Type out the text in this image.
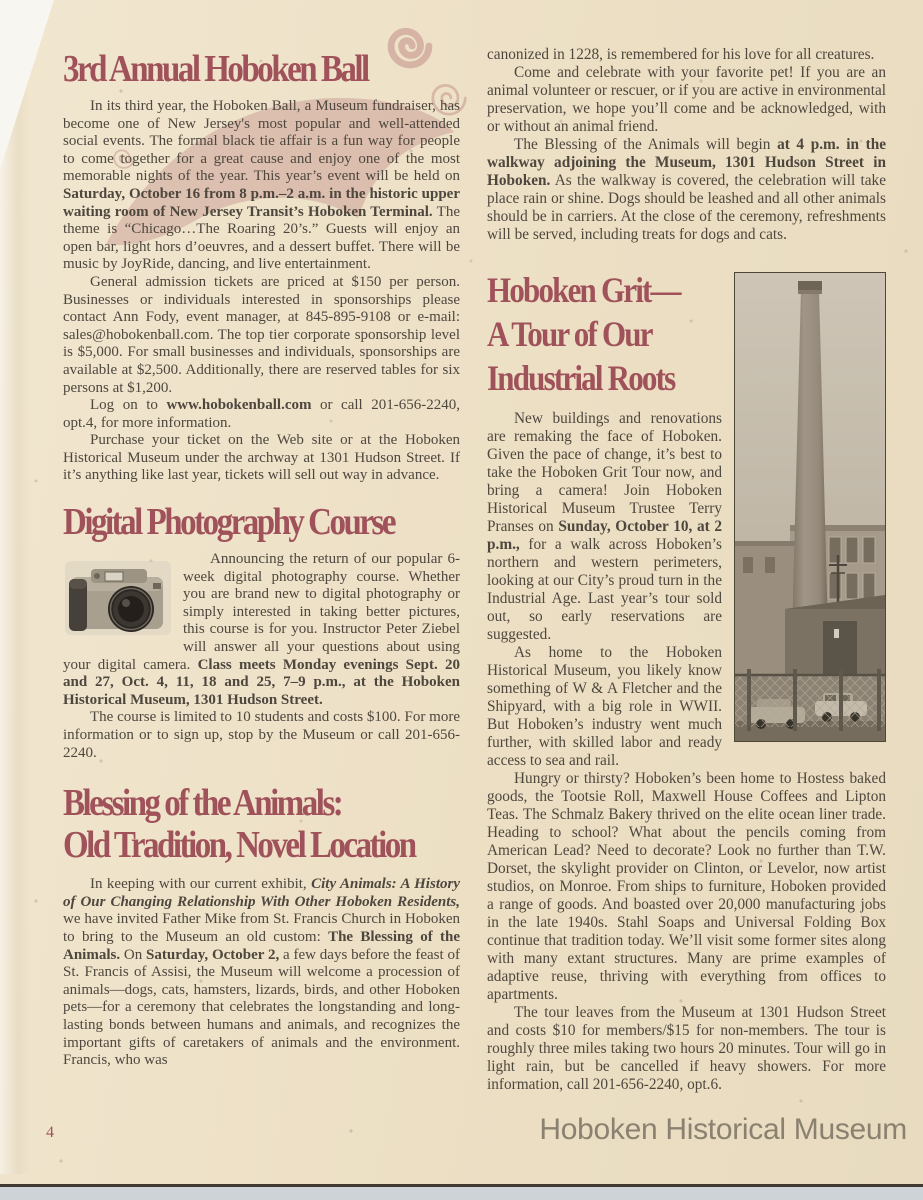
3rd Annual Hoboken Ball

In its third year, the Hoboken Ball, a Museum fundraiser, has become one of New Jersey's most popular and well-attended social events. The formal black tie affair is a fun way for people to come together for a great cause and enjoy one of the most memorable nights of the year. This year’s event will be held on Saturday, October 16 from 8 p.m.–2 a.m. in the historic upper waiting room of New Jersey Transit’s Hoboken Terminal. The theme is “Chicago…The Roaring 20’s.” Guests will enjoy an open bar, light hors d’oeuvres, and a dessert buffet. There will be music by JoyRide, dancing, and live entertainment.

General admission tickets are priced at $150 per person. Businesses or individuals interested in sponsorships please contact Ann Fody, event manager, at 845-895-9108 or e-mail: sales@hobokenball.com. The top tier corporate sponsorship level is $5,000. For small businesses and individuals, sponsorships are available at $2,500. Additionally, there are reserved tables for six persons at $1,200.

Log on to www.hobokenball.com or call 201-656-2240, opt.4, for more information.

Purchase your ticket on the Web site or at the Hoboken Historical Museum under the archway at 1301 Hudson Street. If it’s anything like last year, tickets will sell out way in advance.

Digital Photography Course

Announcing the return of our popular 6-week digital photography course. Whether you are brand new to digital photography or simply interested in taking better pictures, this course is for you. Instructor Peter Ziebel will answer all your questions about using your digital camera. Class meets Monday evenings Sept. 20 and 27, Oct. 4, 11, 18 and 25, 7–9 p.m., at the Hoboken Historical Museum, 1301 Hudson Street.

The course is limited to 10 students and costs $100. For more information or to sign up, stop by the Museum or call 201-656-2240.

Blessing of the Animals:
Old Tradition, Novel Location

In keeping with our current exhibit, City Animals: A History of Our Changing Relationship With Other Hoboken Residents, we have invited Father Mike from St. Francis Church in Hoboken to bring to the Museum an old custom: The Blessing of the Animals. On Saturday, October 2, a few days before the feast of St. Francis of Assisi, the Museum will welcome a procession of animals—dogs, cats, hamsters, lizards, birds, and other Hoboken pets—for a ceremony that celebrates the longstanding and long-lasting bonds between humans and animals, and recognizes the important gifts of caretakers of animals and the environment. Francis, who was

canonized in 1228, is remembered for his love for all creatures.

Come and celebrate with your favorite pet! If you are an animal volunteer or rescuer, or if you are active in environmental preservation, we hope you’ll come and be acknowledged, with or without an animal friend.

The Blessing of the Animals will begin at 4 p.m. in the walkway adjoining the Museum, 1301 Hudson Street in Hoboken. As the walkway is covered, the celebration will take place rain or shine. Dogs should be leashed and all other animals should be in carriers. At the close of the ceremony, refreshments will be served, including treats for dogs and cats.

Hoboken Grit—
A Tour of Our
Industrial Roots

New buildings and renovations are remaking the face of Hoboken. Given the pace of change, it’s best to take the Hoboken Grit Tour now, and bring a camera! Join Hoboken Historical Museum Trustee Terry Pranses on Sunday, October 10, at 2 p.m., for a walk across Hoboken’s northern and western perimeters, looking at our City’s proud turn in the Industrial Age. Last year’s tour sold out, so early reservations are suggested.

As home to the Hoboken Historical Museum, you likely know something of W & A Fletcher and the Shipyard, with a big role in WWII. But Hoboken’s industry went much further, with skilled labor and ready access to sea and rail.

Hungry or thirsty? Hoboken’s been home to Hostess baked goods, the Tootsie Roll, Maxwell House Coffees and Lipton Teas. The Schmalz Bakery thrived on the elite ocean liner trade. Heading to school? What about the pencils coming from American Lead? Need to decorate? Look no further than T.W. Dorset, the skylight provider on Clinton, or Levelor, now artist studios, on Monroe. From ships to furniture, Hoboken provided a range of goods. And boasted over 20,000 manufacturing jobs in the late 1940s. Stahl Soaps and Universal Folding Box continue that tradition today. We’ll visit some former sites along with many extant structures. Many are prime examples of adaptive reuse, thriving with everything from offices to apartments.

The tour leaves from the Museum at 1301 Hudson Street and costs $10 for members/$15 for non-members. The tour is roughly three miles taking two hours 20 minutes. Tour will go in light rain, but be cancelled if heavy showers. For more information, call 201-656-2240, opt.6.

4	Hoboken Historical Museum
